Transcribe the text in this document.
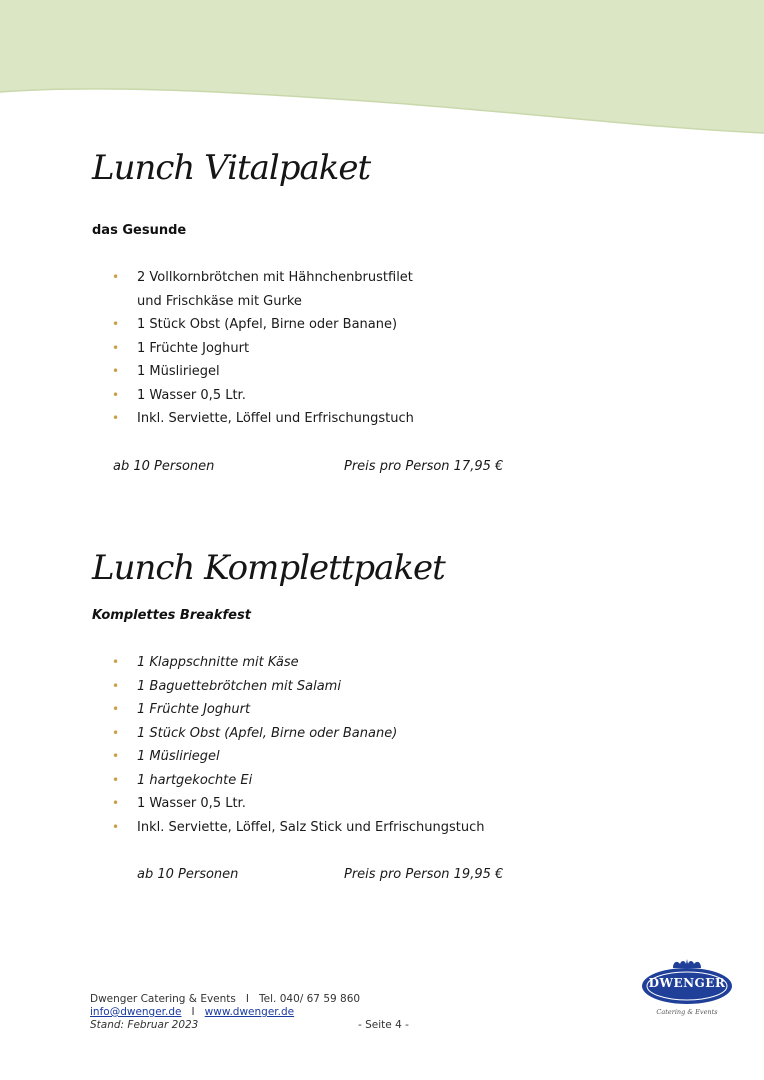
Lunch Vitalpaket
das Gesunde
• 2 Vollkornbrötchen mit Hähnchenbrustfilet
und Frischkäse mit Gurke
• 1 Stück Obst (Apfel, Birne oder Banane)
• 1 Früchte Joghurt
• 1 Müsliriegel
• 1 Wasser 0,5 Ltr.
• Inkl. Serviette, Löffel und Erfrischungstuch
ab 10 Personen	Preis pro Person 17,95 €
Lunch Komplettpaket
Komplettes Breakfest
• 1 Klappschnitte mit Käse
• 1 Baguettebrötchen mit Salami
• 1 Früchte Joghurt
• 1 Stück Obst (Apfel, Birne oder Banane)
• 1 Müsliriegel
• 1 hartgekochte Ei
• 1 Wasser 0,5 Ltr.
• Inkl. Serviette, Löffel, Salz Stick und Erfrischungstuch
ab 10 Personen	Preis pro Person 19,95 €
Dwenger Catering & Events I Tel. 040/ 67 59 860
info@dwenger.de I www.dwenger.de
Stand: Februar 2023	- Seite 4 -
DWENGER
Catering & Events
